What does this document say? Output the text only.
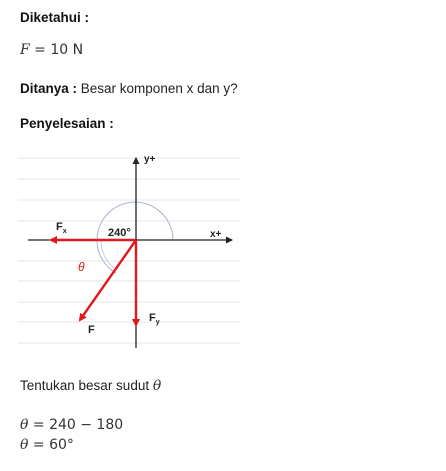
Diketahui :
F = 10 N
Ditanya : Besar komponen x dan y?
Penyelesaian :
y+
x+
240°
$F_x$
$F_y$
F
θ
Tentukan besar sudut θ
θ = 240 − 180
θ = 60°
